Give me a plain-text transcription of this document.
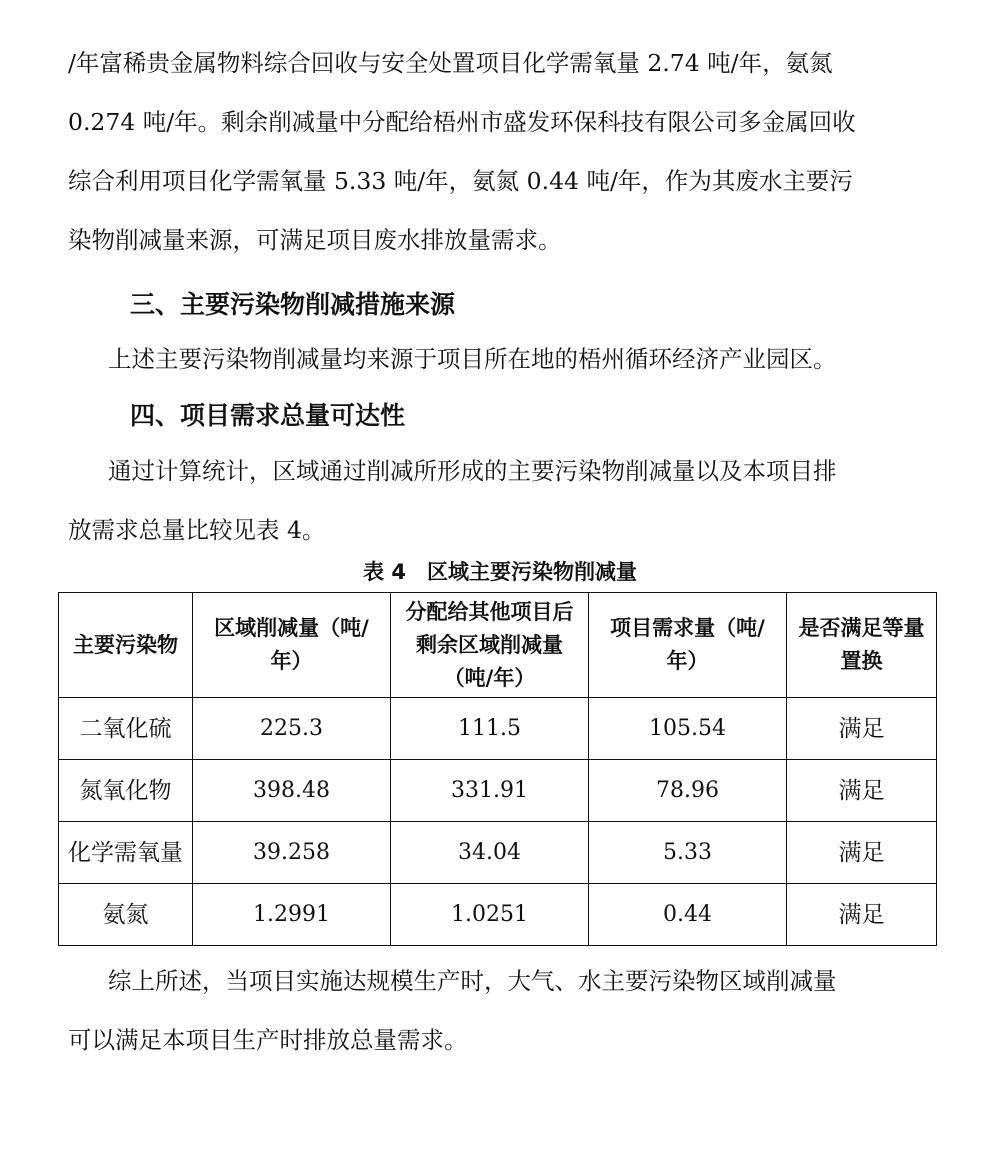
/年富稀贵金属物料综合回收与安全处置项目化学需氧量 2.74 吨/年，氨氮
0.274 吨/年。剩余削减量中分配给梧州市盛发环保科技有限公司多金属回收
综合利用项目化学需氧量 5.33 吨/年，氨氮 0.44 吨/年，作为其废水主要污
染物削减量来源，可满足项目废水排放量需求。

三、主要污染物削减措施来源

上述主要污染物削减量均来源于项目所在地的梧州循环经济产业园区。

四、项目需求总量可达性

通过计算统计，区域通过削减所形成的主要污染物削减量以及本项目排
放需求总量比较见表 4。

表 4　区域主要污染物削减量

主要污染物	区域削减量（吨/年）	分配给其他项目后剩余区域削减量（吨/年）	项目需求量（吨/年）	是否满足等量置换
二氧化硫	225.3	111.5	105.54	满足
氮氧化物	398.48	331.91	78.96	满足
化学需氧量	39.258	34.04	5.33	满足
氨氮	1.2991	1.0251	0.44	满足

综上所述，当项目实施达规模生产时，大气、水主要污染物区域削减量
可以满足本项目生产时排放总量需求。
